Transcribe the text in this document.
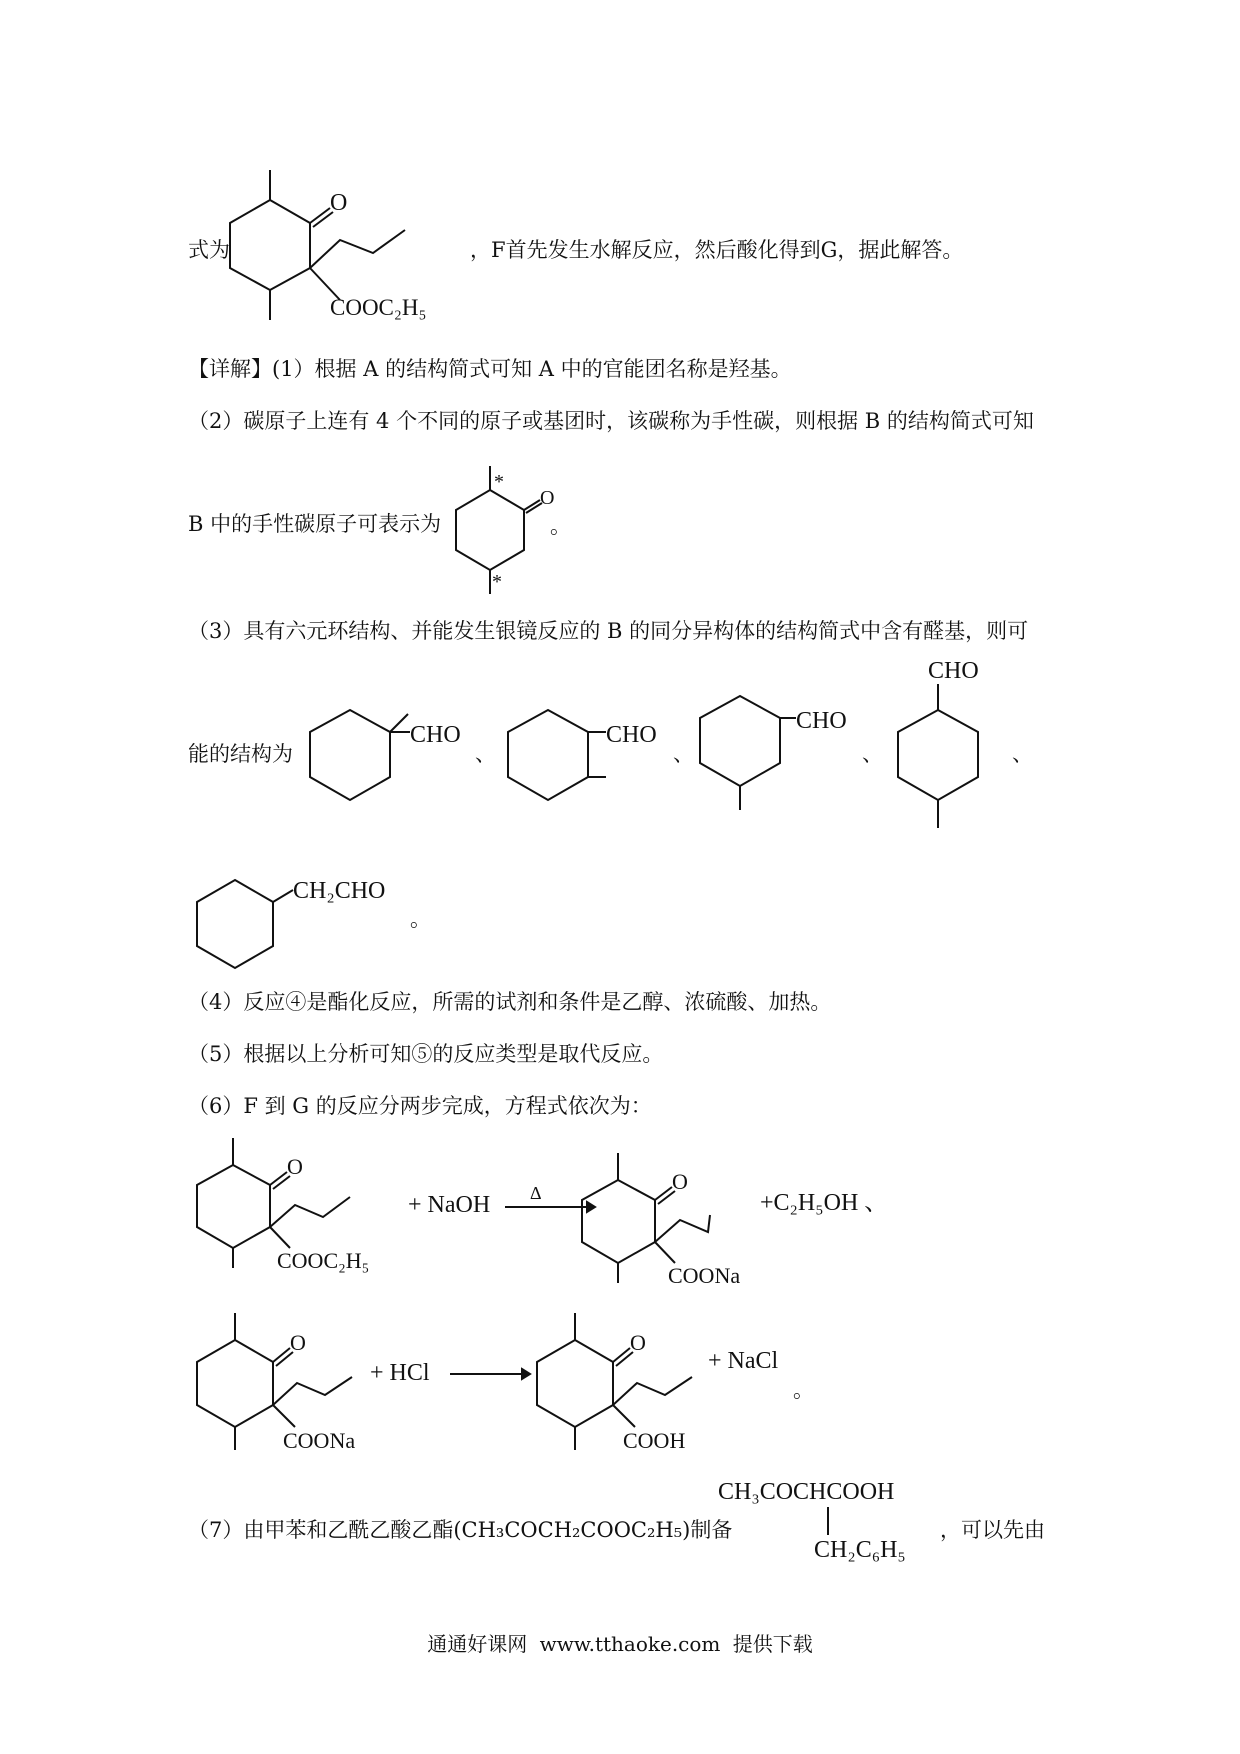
式为
O
COOC₂H₅
，F首先发生水解反应，然后酸化得到G，据此解答。
【详解】(1）根据 A 的结构简式可知 A 中的官能团名称是羟基。
（2）碳原子上连有 4 个不同的原子或基团时，该碳称为手性碳，则根据 B 的结构简式可知
B 中的手性碳原子可表示为
O
*
*
。
（3）具有六元环结构、并能发生银镜反应的 B 的同分异构体的结构简式中含有醛基，则可
能的结构为
CHO
、
CHO
、
CHO
、
CHO
、
CH₂CHO
。
（4）反应④是酯化反应，所需的试剂和条件是乙醇、浓硫酸、加热。
（5）根据以上分析可知⑤的反应类型是取代反应。
（6）F 到 G 的反应分两步完成，方程式依次为：
O
COOC₂H₅
+ NaOH Δ	O
COONa
+C₂H₅OH 、
O
COONa
+ HCl
O
COOH
+ NaCl
。
（7）由甲苯和乙酰乙酸乙酯(CH₃COCH₂COOC₂H₅)制备
CH₃COCHCOOH
CH₂C₆H₅
，可以先由
通通好课网 www.tthaoke.com 提供下载
